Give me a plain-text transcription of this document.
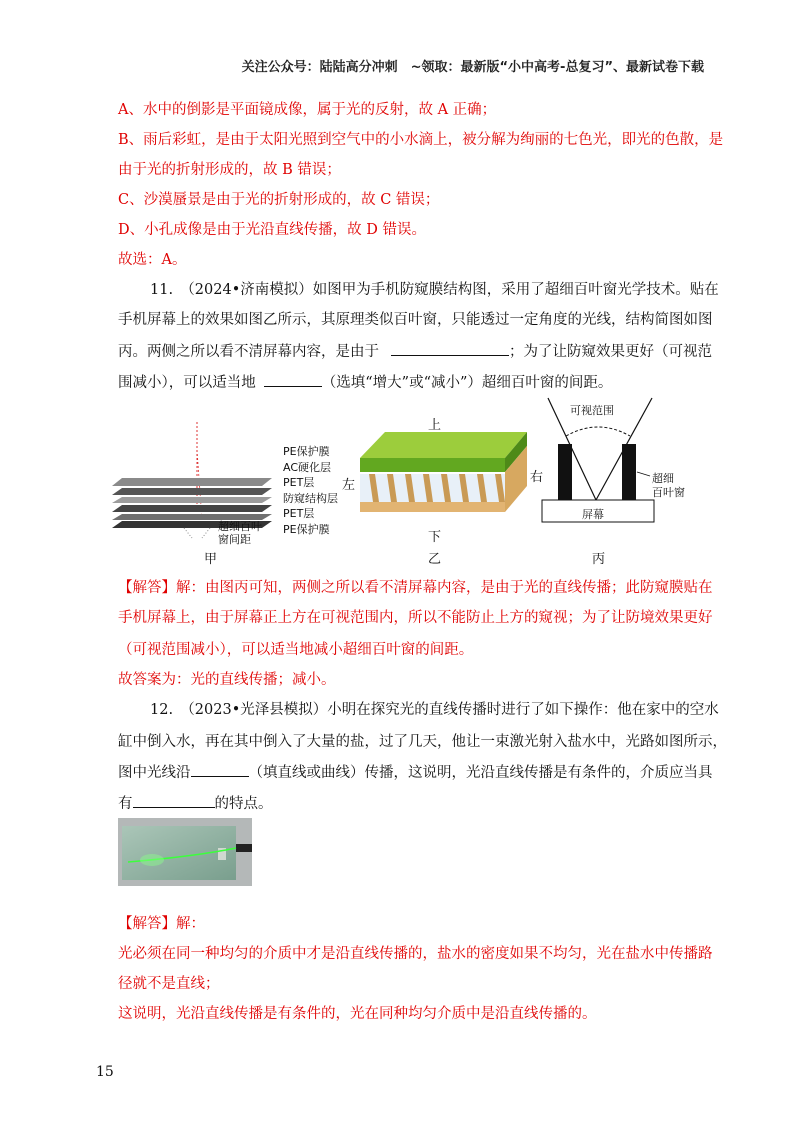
关注公众号：陆陆高分冲刺　~领取：最新版“小中高考-总复习”、最新试卷下载
A、水中的倒影是平面镜成像，属于光的反射，故 A 正确；
B、雨后彩虹，是由于太阳光照到空气中的小水滴上，被分解为绚丽的七色光，即光的色散，是
由于光的折射形成的，故 B 错误；
C、沙漠蜃景是由于光的折射形成的，故 C 错误；
D、小孔成像是由于光沿直线传播，故 D 错误。
故选：A。
11.　（2024•济南模拟）如图甲为手机防窥膜结构图，采用了超细百叶窗光学技术。贴在
手机屏幕上的效果如图乙所示，其原理类似百叶窗，只能透过一定角度的光线，结构简图如图
丙。两侧之所以看不清屏幕内容，是由于	；为了让防窥效果更好（可视范
围减小），可以适当地	（选填“增大”或“减小”）超细百叶窗的间距。
PE保护膜
AC硬化层
PET层
防窥结构层
PET层
PE保护膜
超细百叶
窗间距
甲
上
左
右
下
乙
可视范围
超细
百叶窗
屏幕
丙
【解答】解：由图丙可知，两侧之所以看不清屏幕内容，是由于光的直线传播；此防窥膜贴在
手机屏幕上，由于屏幕正上方在可视范围内，所以不能防止上方的窥视；为了让防境效果更好
（可视范围减小），可以适当地减小超细百叶窗的间距。
故答案为：光的直线传播；减小。
12.　（2023•光泽县模拟）小明在探究光的直线传播时进行了如下操作：他在家中的空水
缸中倒入水，再在其中倒入了大量的盐，过了几天，他让一束激光射入盐水中，光路如图所示，
图中光线沿	（填直线或曲线）传播，这说明，光沿直线传播是有条件的，介质应当具
有	的特点。
【解答】解：
光必须在同一种均匀的介质中才是沿直线传播的，盐水的密度如果不均匀，光在盐水中传播路
径就不是直线；
这说明，光沿直线传播是有条件的，光在同种均匀介质中是沿直线传播的。
15
